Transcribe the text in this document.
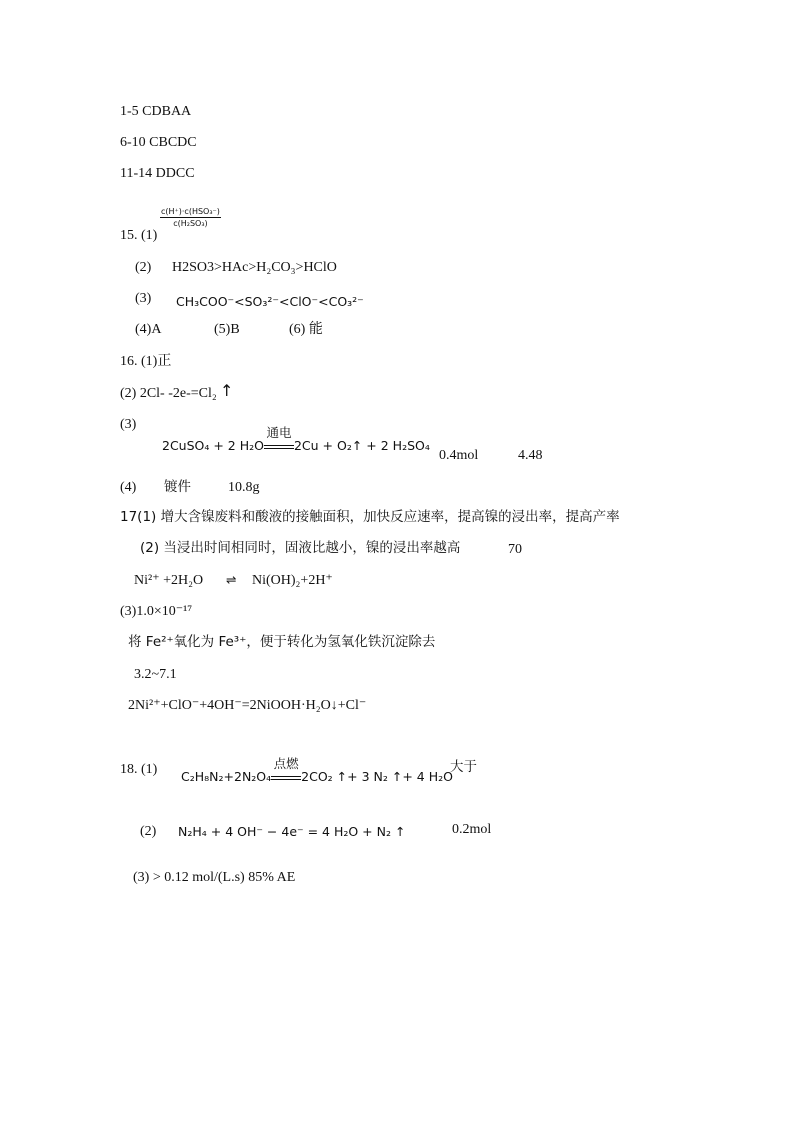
1-5 CDBAA
6-10 CBCDC
11-14 DDCC
15. (1)
c(H⁺)·c(HSO₃⁻)
c(H₂SO₃)
(2) H2SO3>HAc>H₂CO₃>HClO
(3) CH₃COO⁻<SO₃²⁻<ClO⁻<CO₃²⁻
(4)A	(5)B	(6) 能
16. (1)正
(2) 2Cl- -2e-=Cl₂ ↑
(3)
2CuSO₄ + 2 H₂O
通电
2Cu + O₂↑ + 2 H₂SO₄
0.4mol	4.48
(4) 镀件	10.8g
17(1) 增大含镍废料和酸液的接触面积，加快反应速率，提高镍的浸出率，提高产率
(2) 当浸出时间相同时，固液比越小，镍的浸出率越高	70
Ni²⁺ +2H₂O ⇌ Ni(OH)₂+2H⁺
(3)1.0×10⁻¹⁷
将 Fe²⁺氧化为 Fe³⁺，便于转化为氢氧化铁沉淀除去
3.2~7.1
2Ni²⁺+ClO⁻+4OH⁻=2NiOOH·H₂O↓+Cl⁻
18. (1) C₂H₈N₂+2N₂O₄
点燃
2CO₂ ↑+ 3 N₂ ↑+ 4 H₂O
大于
(2) N₂H₄ + 4 OH⁻ − 4e⁻ = 4 H₂O + N₂ ↑	0.2mol
(3) > 0.12 mol/(L.s) 85% AE
